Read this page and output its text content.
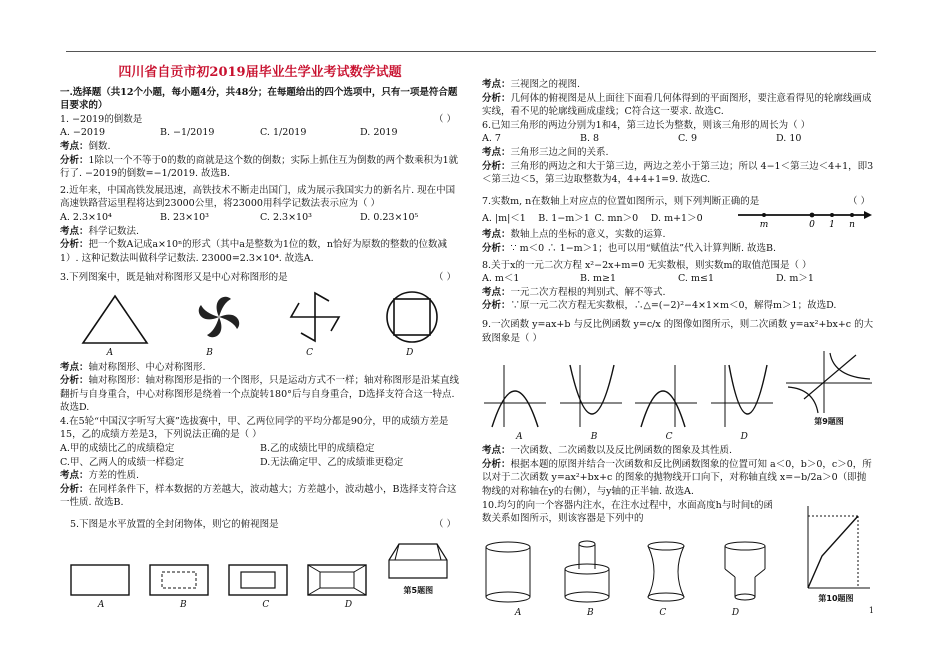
四川省自贡市初2019届毕业生学业考试数学试题
一.选择题（共12个小题，每小题4分，共48分；在每题给出的四个选项中，只有一项是符合题目要求的）
1. −2019的倒数是	（ ）
A. −2019	B. −1/2019	C. 1/2019	D. 2019
考点：倒数.
分析：1除以一个不等于0的数的商就是这个数的倒数；实际上抓住互为倒数的两个数乘积为1就行了. −2019的倒数=−1/2019. 故选B.
2.近年来，中国高铁发展迅速，高铁技术不断走出国门，成为展示我国实力的新名片. 现在中国高速铁路营运里程将达到23000公里，将23000用科学记数法表示应为（ ）
A. 2.3×10⁴	B. 23×10³	C. 2.3×10³	D. 0.23×10⁵
考点：科学记数法.
分析：把一个数A记成a×10ⁿ的形式（其中a是整数为1位的数，n恰好为原数的整数的位数减1）. 这种记数法叫做科学记数法. 23000=2.3×10⁴. 故选A.
3.下列图案中，既是轴对称图形又是中心对称图形的是	（ ）
A	B	C	D
考点：轴对称图形、中心对称图形.
分析：轴对称图形：轴对称图形是指的一个图形，只是运动方式不一样；轴对称图形是沿某直线翻折与自身重合，中心对称图形是绕着一个点旋转180°后与自身重合，D选择支符合这一特点. 故选D.
4.在5轮“中国汉字听写大赛”选拔赛中，甲、乙两位同学的平均分都是90分，甲的成绩方差是15，乙的成绩方差是3，下列说法正确的是（ ）
A.甲的成绩比乙的成绩稳定	B.乙的成绩比甲的成绩稳定
C.甲、乙两人的成绩一样稳定	D.无法确定甲、乙的成绩谁更稳定
考点：方差的性质.
分析：在同样条件下，样本数据的方差越大，波动越大；方差越小，波动越小，B选择支符合这一性质. 故选B.
5.下图是水平放置的全封闭物体，则它的俯视图是	（ ）
第5题图
A	B	C	D
考点：三视图之的视图.
分析：几何体的俯视图是从上面往下面看几何体得到的平面图形，要注意看得见的轮廓线画成实线，看不见的轮廓线画成虚线；C符合这一要求. 故选C.
6.已知三角形的两边分别为1和4，第三边长为整数，则该三角形的周长为（ ）
A. 7	B. 8	C. 9	D. 10
考点：三角形三边之间的关系.
分析：三角形的两边之和大于第三边，两边之差小于第三边；所以 4−1＜第三边＜4+1，即3＜第三边＜5，第三边取整数为4，4+4+1=9. 故选C.
7.实数m, n在数轴上对应点的位置如图所示，则下列判断正确的是	（ ）
A. |m|＜1	B. 1−m＞1 C. mn＞0	D. m+1＞0
m	0 1 n
考点：数轴上点的坐标的意义，实数的运算.
分析：∵ m＜0 ∴ 1−m＞1；也可以用“赋值法”代入计算判断. 故选B.
8.关于x的一元二次方程 x²−2x+m=0 无实数根，则实数m的取值范围是（ ）
A. m＜1	B. m≥1	C. m≤1	D. m＞1
考点：一元二次方程根的判别式、解不等式.
分析：∵原一元二次方程无实数根，∴△=(−2)²−4×1×m＜0，解得m＞1；故选D.
9.一次函数 y=ax+b 与反比例函数 y=c/x 的图像如图所示，则二次函数 y=ax²+bx+c 的大致图象是（ ）
第9题图
A	B	C	D
考点：一次函数、二次函数以及反比例函数的图象及其性质.
分析：根据本题的原图并结合一次函数和反比例函数图象的位置可知 a＜0，b＞0，c＞0，所以对于二次函数 y=ax²+bx+c 的图象的抛物线开口向下，对称轴直线 x=−b/2a＞0（即抛物线的对称轴在y的右侧），与y轴的正半轴. 故选A.
10.均匀的向一个容器内注水，在注水过程中，水面高度h与时间t的函数关系如图所示，则该容器是下列中的
第10题图
A	B	C	D	1
